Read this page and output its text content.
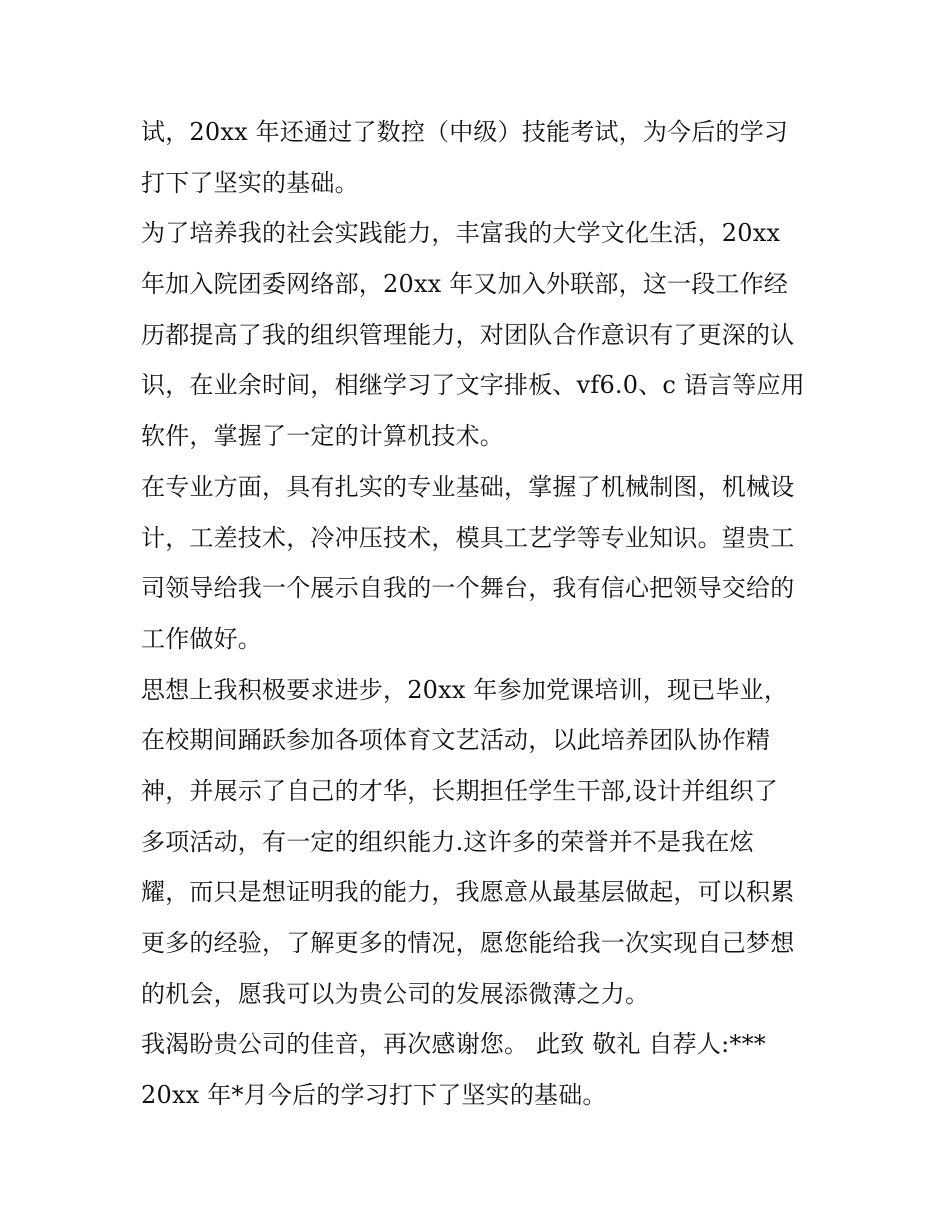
试，20xx 年还通过了数控（中级）技能考试，为今后的学习
打下了坚实的基础。
为了培养我的社会实践能力，丰富我的大学文化生活，20xx
年加入院团委网络部，20xx 年又加入外联部，这一段工作经
历都提高了我的组织管理能力，对团队合作意识有了更深的认
识，在业余时间，相继学习了文字排板、vf6.0、c 语言等应用
软件，掌握了一定的计算机技术。
在专业方面，具有扎实的专业基础，掌握了机械制图，机械设
计，工差技术，冷冲压技术，模具工艺学等专业知识。望贵工
司领导给我一个展示自我的一个舞台，我有信心把领导交给的
工作做好。
思想上我积极要求进步，20xx 年参加党课培训，现已毕业，
在校期间踊跃参加各项体育文艺活动，以此培养团队协作精
神，并展示了自己的才华，长期担任学生干部,设计并组织了
多项活动，有一定的组织能力.这许多的荣誉并不是我在炫
耀，而只是想证明我的能力，我愿意从最基层做起，可以积累
更多的经验，了解更多的情况，愿您能给我一次实现自己梦想
的机会，愿我可以为贵公司的发展添微薄之力。
我渴盼贵公司的佳音，再次感谢您。 此致 敬礼 自荐人:***
20xx 年*月今后的学习打下了坚实的基础。
